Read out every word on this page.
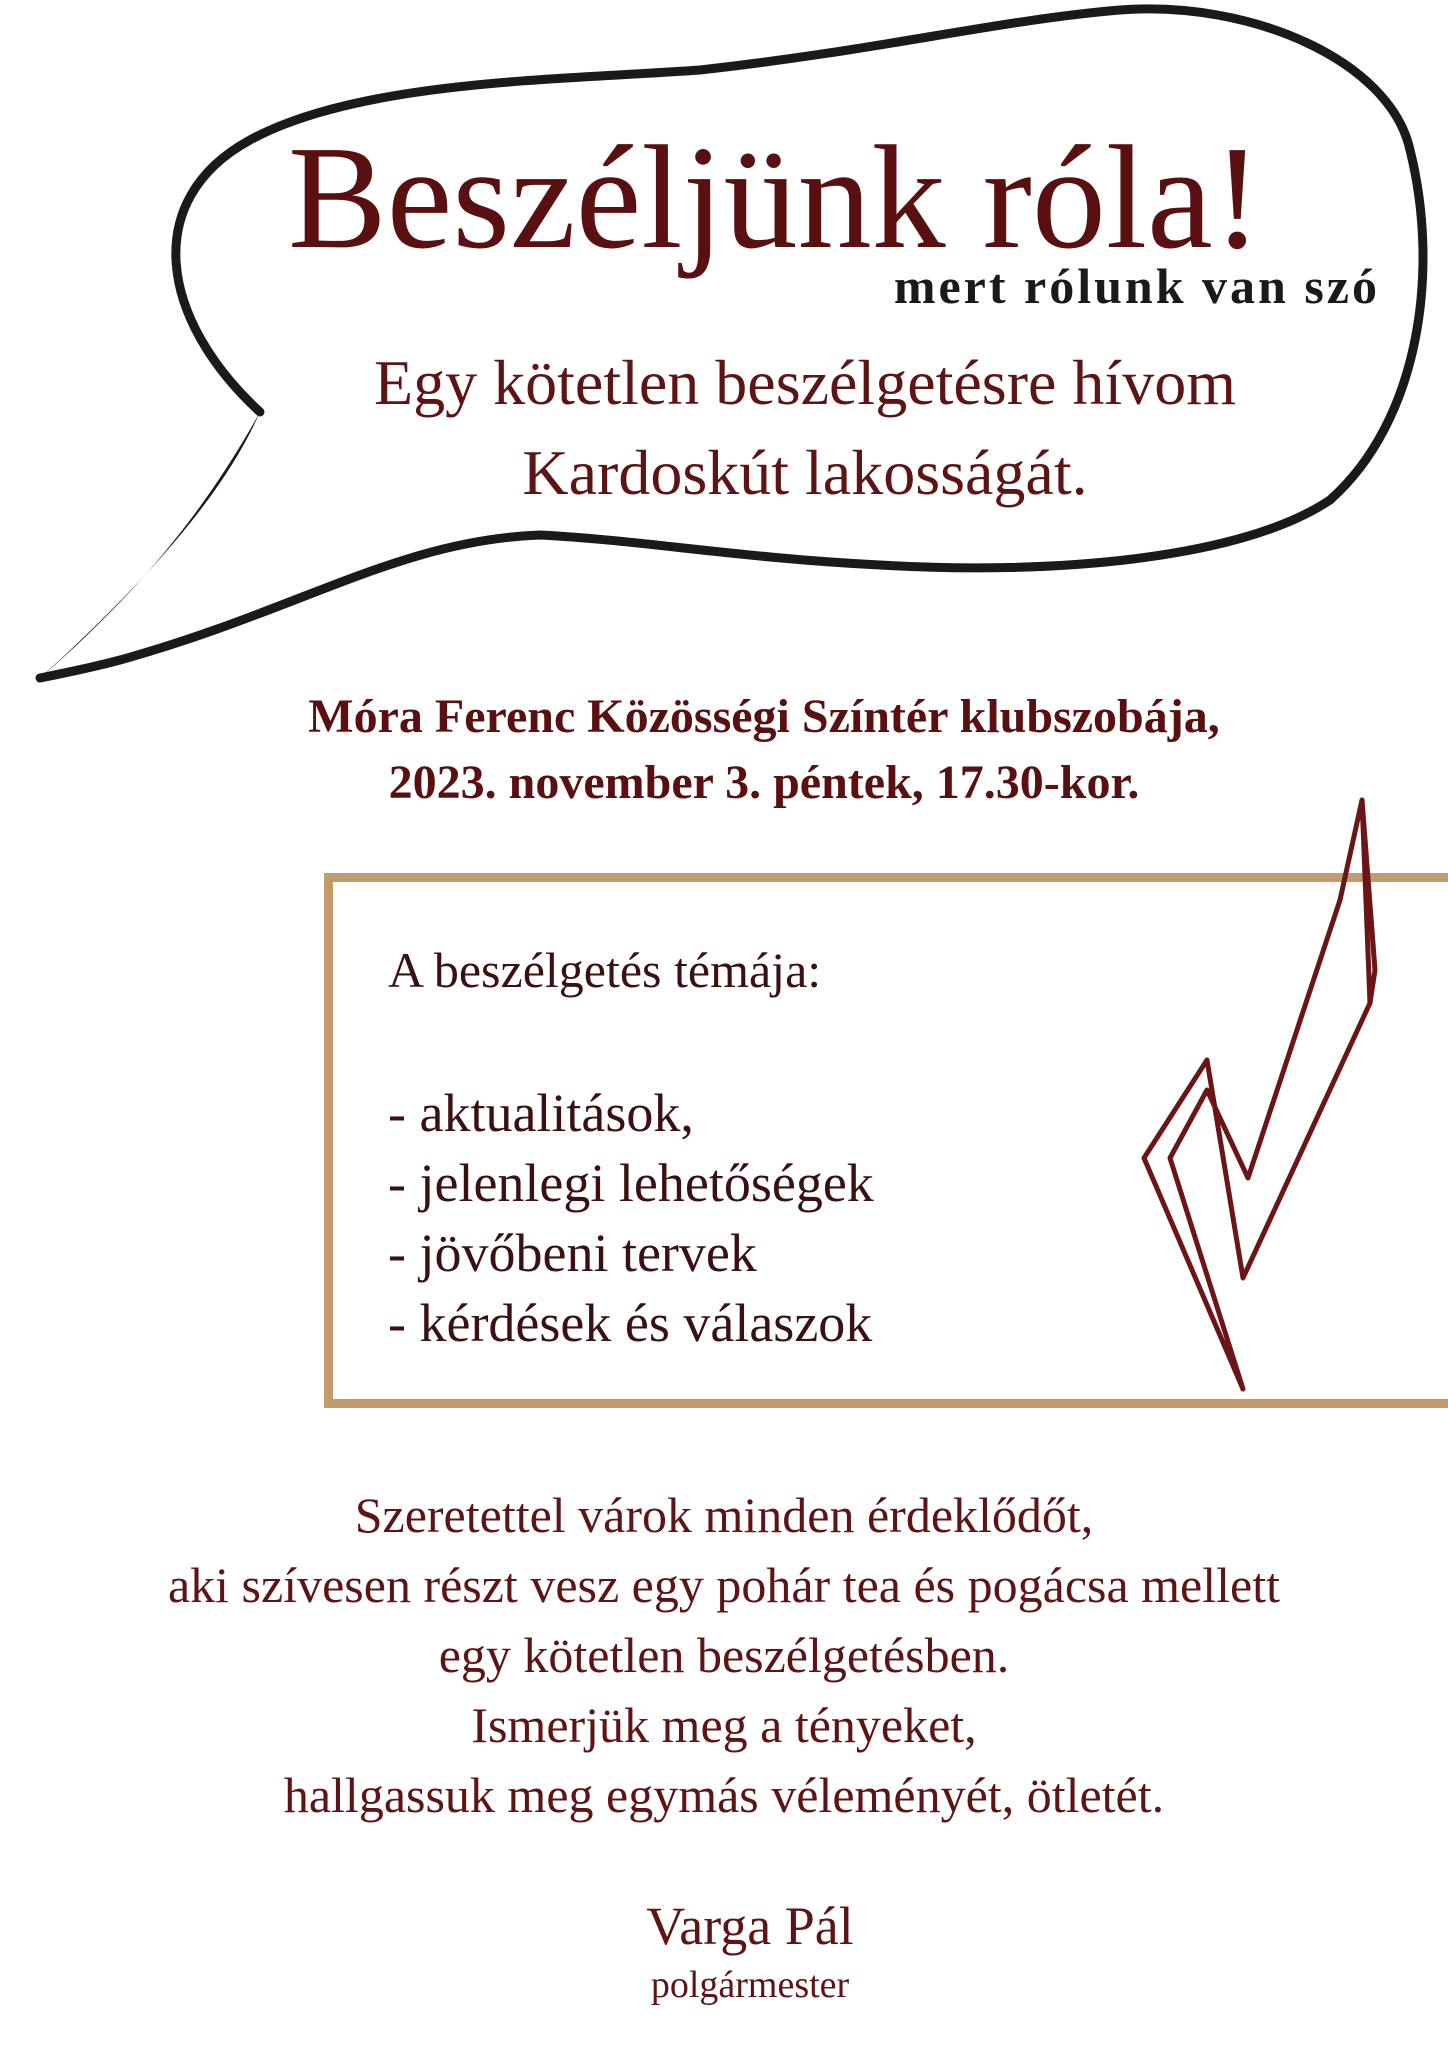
Beszéljünk róla!
mert rólunk van szó
Egy kötetlen beszélgetésre hívom
Kardoskút lakosságát.
Móra Ferenc Közösségi Színtér klubszobája,
2023. november 3. péntek, 17.30-kor.
A beszélgetés témája:
- aktualitások,
- jelenlegi lehetőségek
- jövőbeni tervek
- kérdések és válaszok
Szeretettel várok minden érdeklődőt,
aki szívesen részt vesz egy pohár tea és pogácsa mellett
egy kötetlen beszélgetésben.
Ismerjük meg a tényeket,
hallgassuk meg egymás véleményét, ötletét.
Varga Pál
polgármester
